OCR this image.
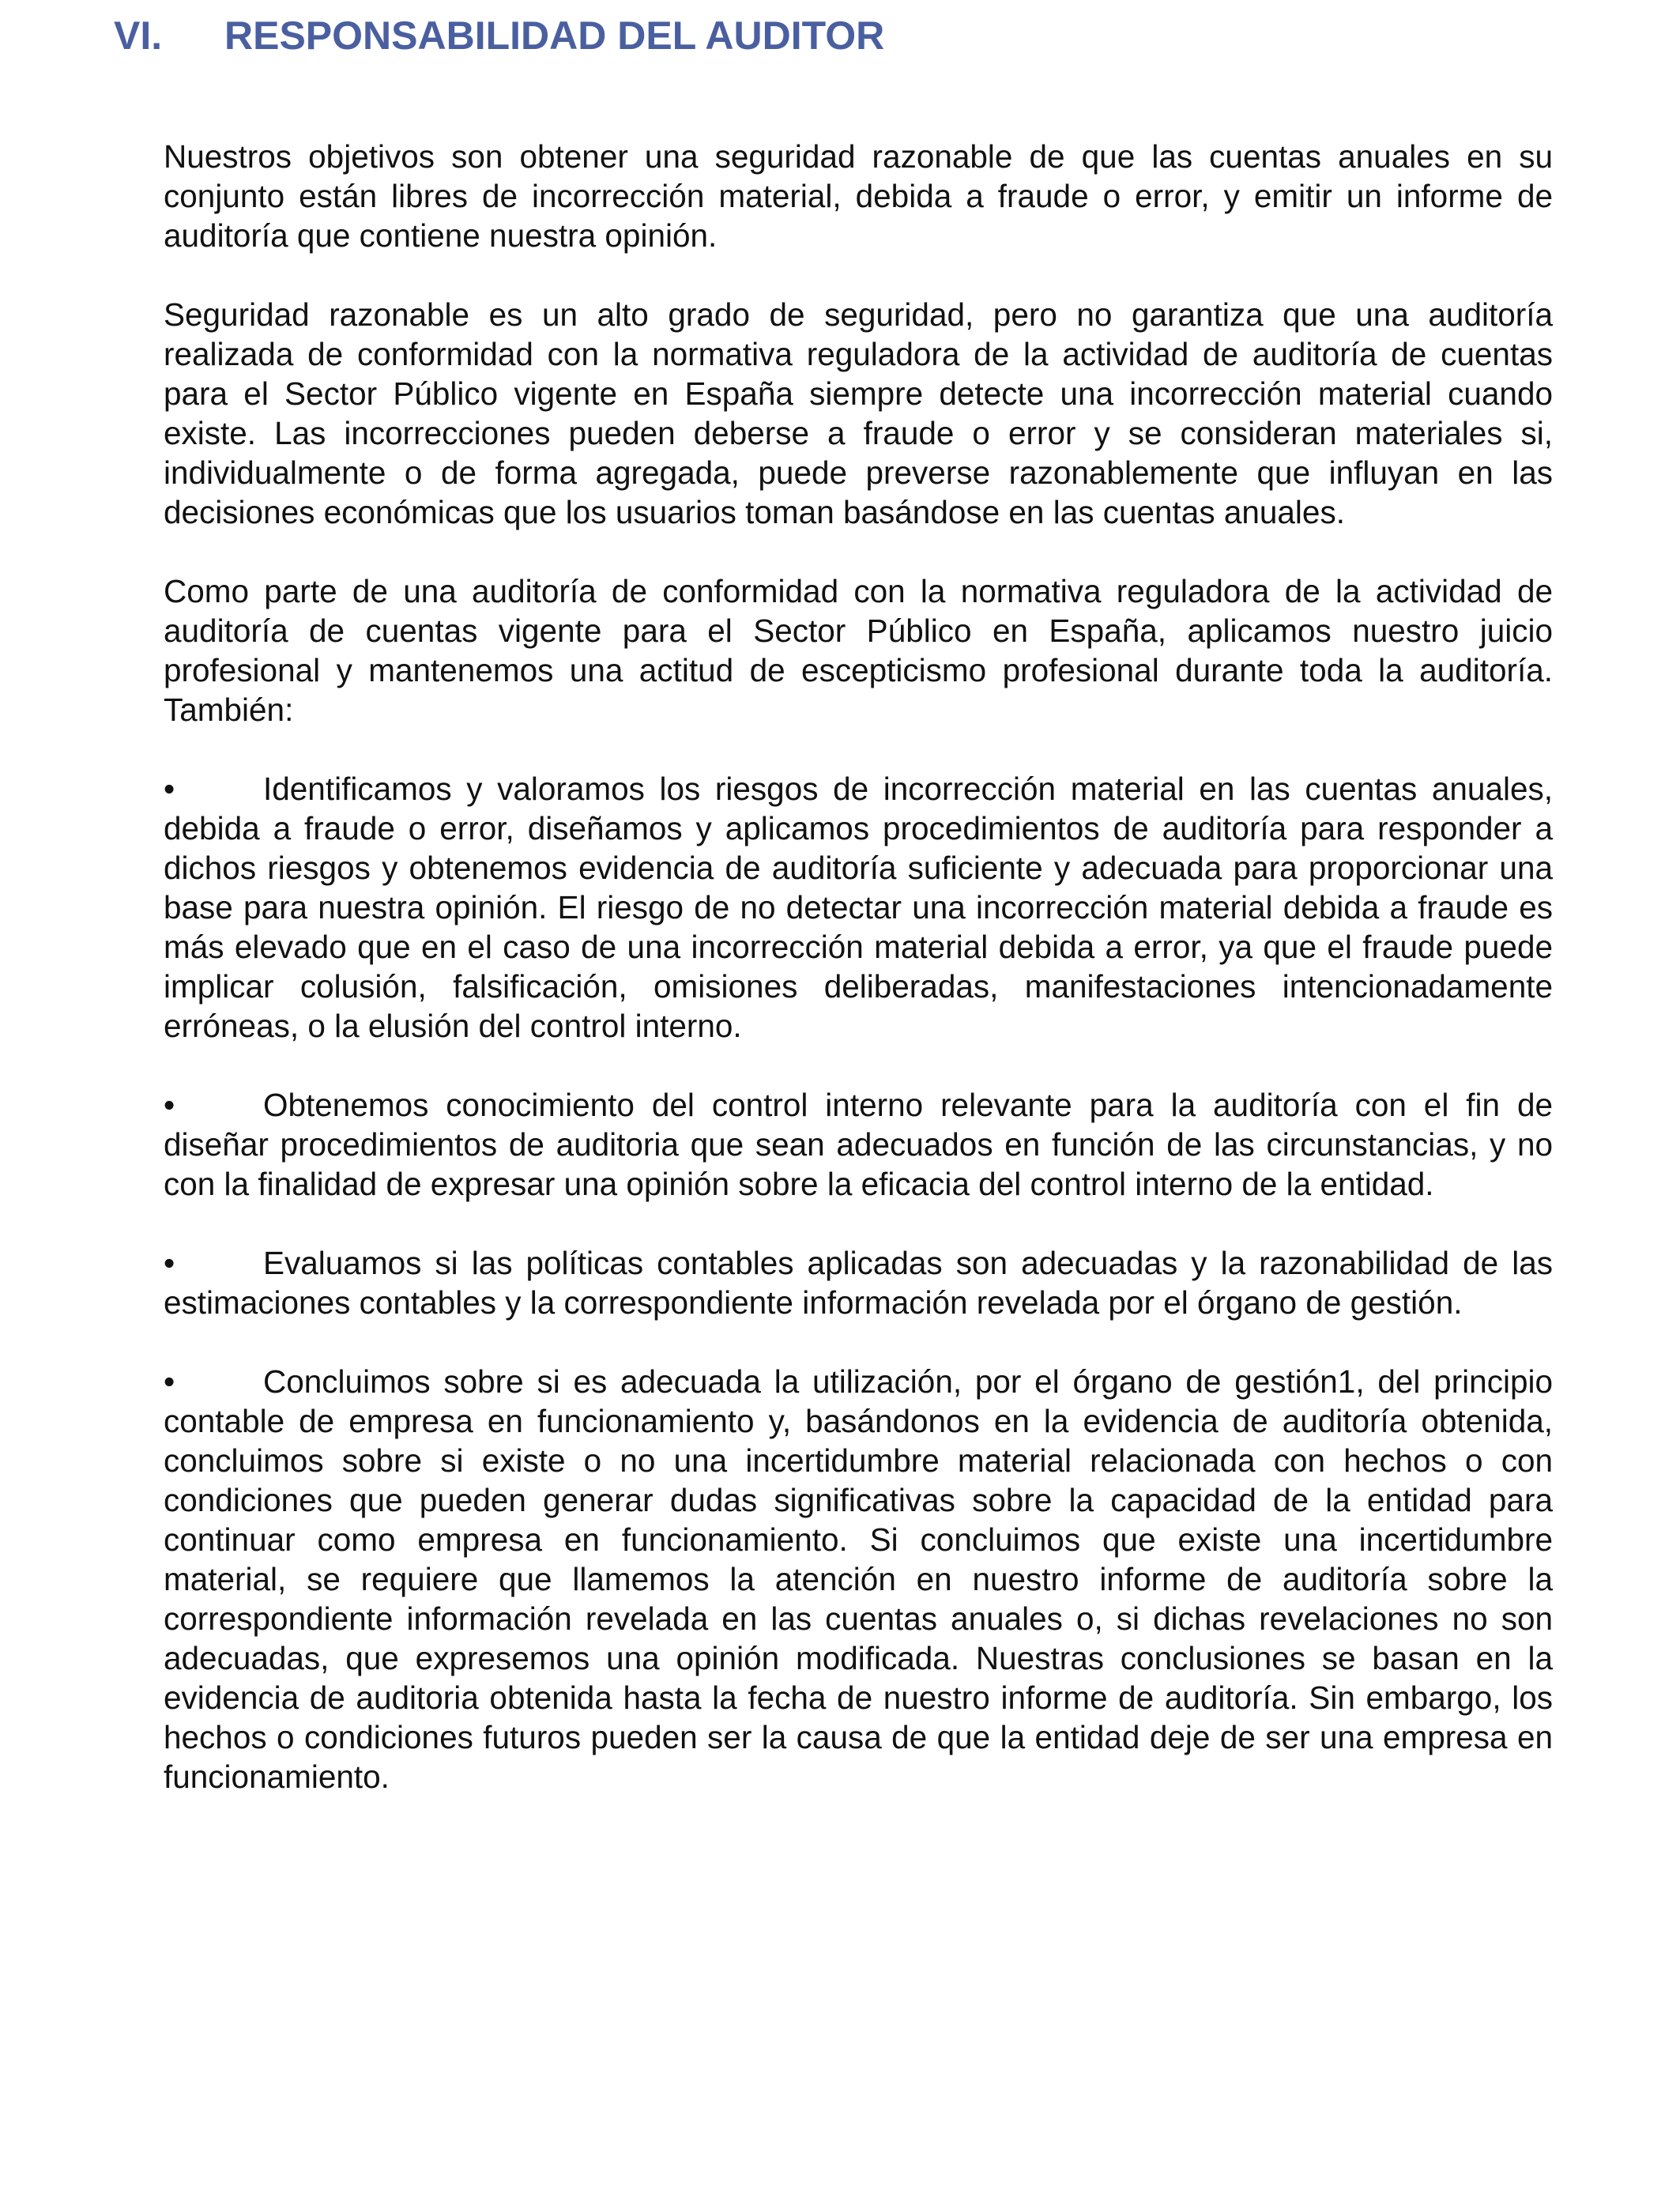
VI. RESPONSABILIDAD DEL AUDITOR

Nuestros objetivos son obtener una seguridad razonable de que las cuentas anuales en su conjunto están libres de incorrección material, debida a fraude o error, y emitir un informe de auditoría que contiene nuestra opinión.

Seguridad razonable es un alto grado de seguridad, pero no garantiza que una auditoría realizada de conformidad con la normativa reguladora de la actividad de auditoría de cuentas para el Sector Público vigente en España siempre detecte una incorrección material cuando existe. Las incorrecciones pueden deberse a fraude o error y se consideran materiales si, individualmente o de forma agregada, puede preverse razonablemente que influyan en las decisiones económicas que los usuarios toman basándose en las cuentas anuales.

Como parte de una auditoría de conformidad con la normativa reguladora de la actividad de auditoría de cuentas vigente para el Sector Público en España, aplicamos nuestro juicio profesional y mantenemos una actitud de escepticismo profesional durante toda la auditoría. También:

•	Identificamos y valoramos los riesgos de incorrección material en las cuentas anuales, debida a fraude o error, diseñamos y aplicamos procedimientos de auditoría para responder a dichos riesgos y obtenemos evidencia de auditoría suficiente y adecuada para proporcionar una base para nuestra opinión. El riesgo de no detectar una incorrección material debida a fraude es más elevado que en el caso de una incorrección material debida a error, ya que el fraude puede implicar colusión, falsificación, omisiones deliberadas, manifestaciones intencionadamente erróneas, o la elusión del control interno.

•	Obtenemos conocimiento del control interno relevante para la auditoría con el fin de diseñar procedimientos de auditoria que sean adecuados en función de las circunstancias, y no con la finalidad de expresar una opinión sobre la eficacia del control interno de la entidad.

•	Evaluamos si las políticas contables aplicadas son adecuadas y la razonabilidad de las estimaciones contables y la correspondiente información revelada por el órgano de gestión.

•	Concluimos sobre si es adecuada la utilización, por el órgano de gestión1, del principio contable de empresa en funcionamiento y, basándonos en la evidencia de auditoría obtenida, concluimos sobre si existe o no una incertidumbre material relacionada con hechos o con condiciones que pueden generar dudas significativas sobre la capacidad de la entidad para continuar como empresa en funcionamiento. Si concluimos que existe una incertidumbre material, se requiere que llamemos la atención en nuestro informe de auditoría sobre la correspondiente información revelada en las cuentas anuales o, si dichas revelaciones no son adecuadas, que expresemos una opinión modificada. Nuestras conclusiones se basan en la evidencia de auditoria obtenida hasta la fecha de nuestro informe de auditoría. Sin embargo, los hechos o condiciones futuros pueden ser la causa de que la entidad deje de ser una empresa en funcionamiento.
